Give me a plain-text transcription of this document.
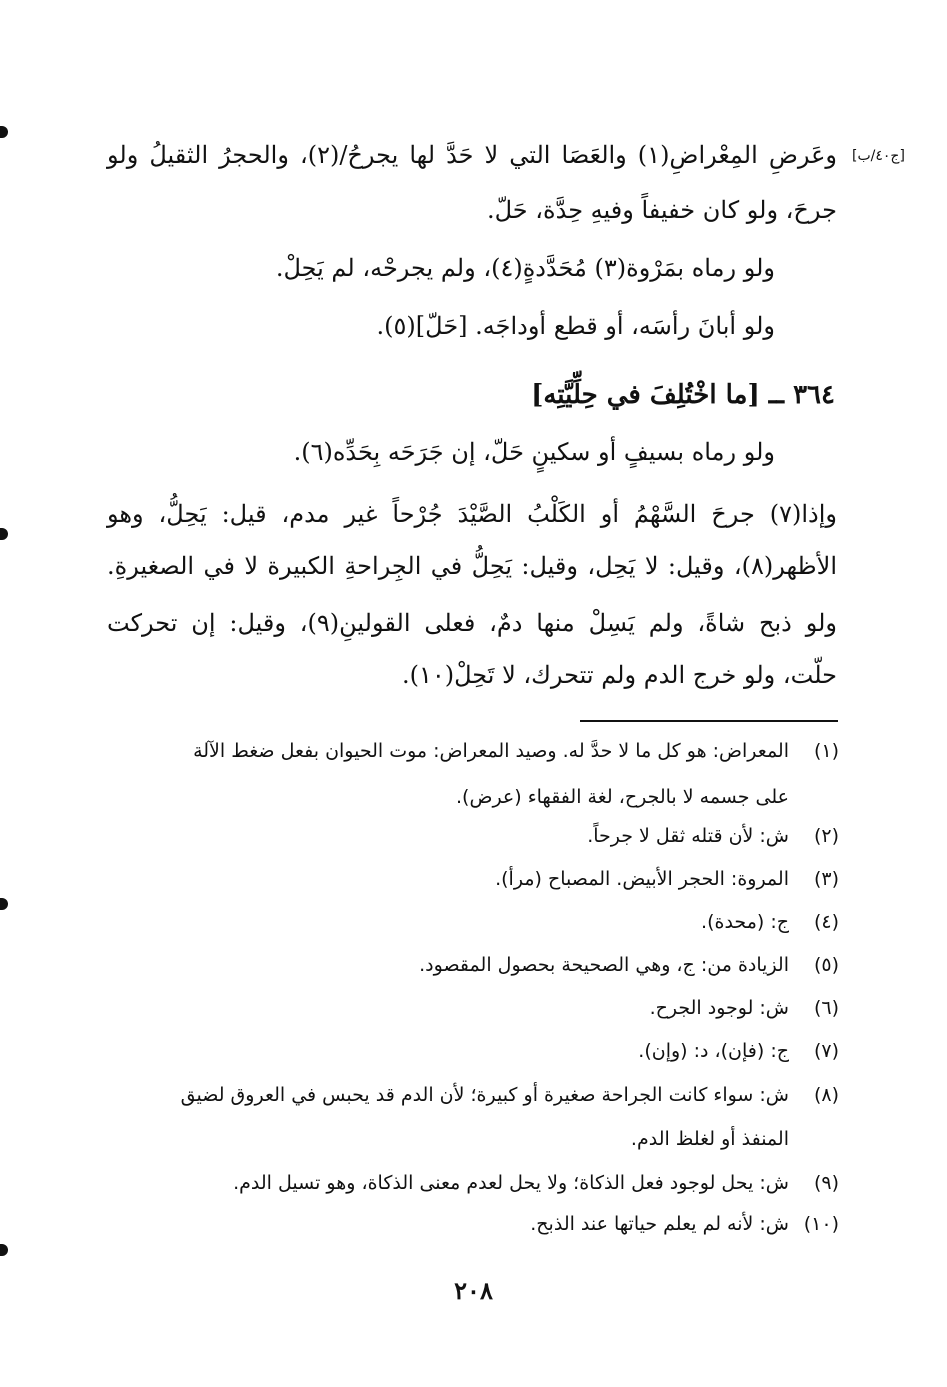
[ج٤٠/ب]
وعَرضِ المِعْراضِ(١) والعَصَا التي لا حَدَّ لها يجرحُ/(٢)، والحجرُ الثقيلُ ولو
جرحَ، ولو كان خفيفاً وفيهِ حِدَّة، حَلّ.
ولو رماه بمَرْوة(٣) مُحَدَّدةٍ(٤)، ولم يجرحْه، لم يَحِلْ.
ولو أبانَ رأسَه، أو قطع أوداجَه. [حَلّ](٥).
٣٦٤ ــ [ما اخْتُلِفَ في حِلِّيَّتِه]
ولو رماه بسيفٍ أو سكينٍ حَلّ، إن جَرَحَه بِحَدِّه(٦).
وإذا(٧) جرحَ السَّهْمُ أو الكَلْبُ الصَّيْدَ جُرْحاً غير مدم، قيل: يَحِلُّ، وهو
الأظهر(٨)، وقيل: لا يَحِل، وقيل: يَحِلُّ في الجِراحةِ الكبيرة لا في الصغيرةِ.
ولو ذبح شاةً، ولم يَسِلْ منها دمٌ، فعلى القولينِ(٩)، وقيل: إن تحركت
حلّت، ولو خرج الدم ولم تتحرك، لا تَحِلْ(١٠).
(١)
المعراض: هو كل ما لا حدَّ له. وصيد المعراض: موت الحيوان بفعل ضغط الآلة
على جسمه لا بالجرح، لغة الفقهاء (عرض).
(٢)
ش: لأن قتله ثقل لا جرحاً.
(٣)
المروة: الحجر الأبيض. المصباح (مرأ).
(٤)
ج: (محدة).
(٥)
الزيادة من: ج، وهي الصحيحة بحصول المقصود.
(٦)
ش: لوجود الجرح.
(٧)
ج: (فإن)، د: (وإن).
(٨)
ش: سواء كانت الجراحة صغيرة أو كبيرة؛ لأن الدم قد يحبس في العروق لضيق
المنفذ أو لغلظ الدم.
(٩)
ش: يحل لوجود فعل الذكاة؛ ولا يحل لعدم معنى الذكاة، وهو تسيل الدم.
(١٠)
ش: لأنه لم يعلم حياتها عند الذبح.
٢٠٨
